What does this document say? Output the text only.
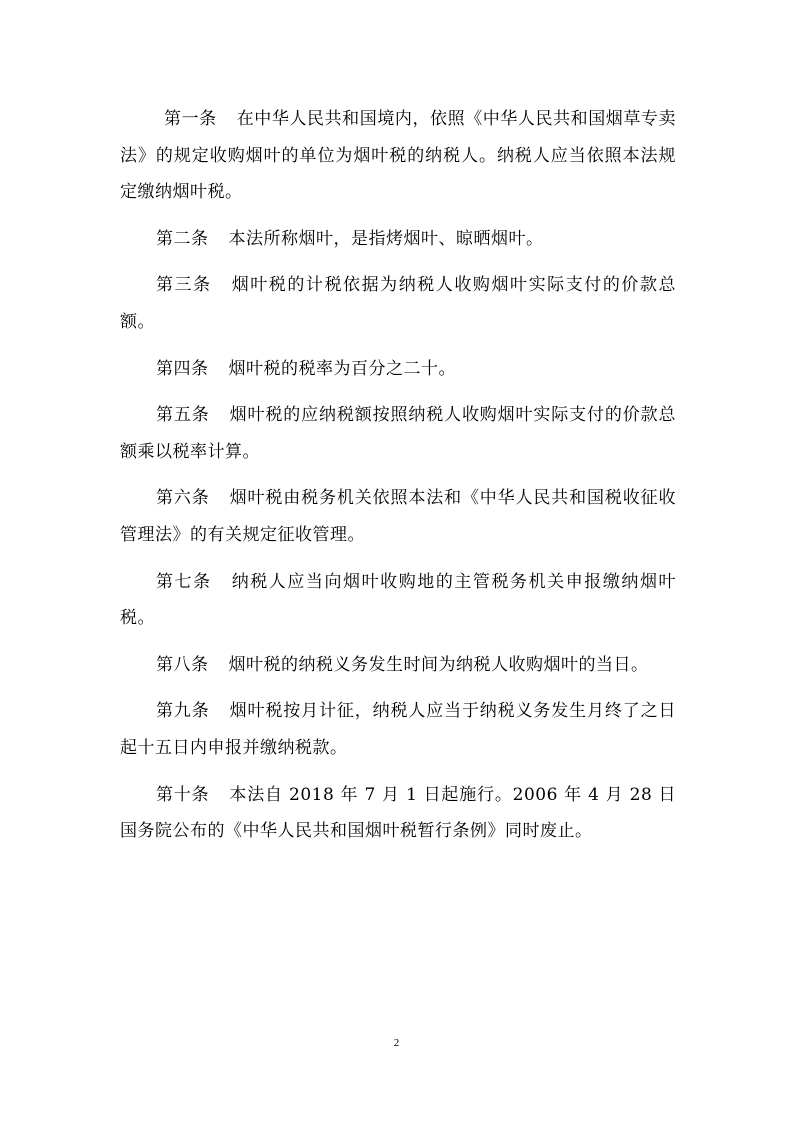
第一条 在中华人民共和国境内，依照《中华人民共和国烟草专卖法》的规定收购烟叶的单位为烟叶税的纳税人。纳税人应当依照本法规定缴纳烟叶税。

第二条 本法所称烟叶，是指烤烟叶、晾晒烟叶。

第三条 烟叶税的计税依据为纳税人收购烟叶实际支付的价款总额。

第四条 烟叶税的税率为百分之二十。

第五条 烟叶税的应纳税额按照纳税人收购烟叶实际支付的价款总额乘以税率计算。

第六条 烟叶税由税务机关依照本法和《中华人民共和国税收征收管理法》的有关规定征收管理。

第七条 纳税人应当向烟叶收购地的主管税务机关申报缴纳烟叶税。

第八条 烟叶税的纳税义务发生时间为纳税人收购烟叶的当日。

第九条 烟叶税按月计征，纳税人应当于纳税义务发生月终了之日起十五日内申报并缴纳税款。

第十条 本法自 2018 年 7 月 1 日起施行。2006 年 4 月 28 日国务院公布的《中华人民共和国烟叶税暂行条例》同时废止。

2
